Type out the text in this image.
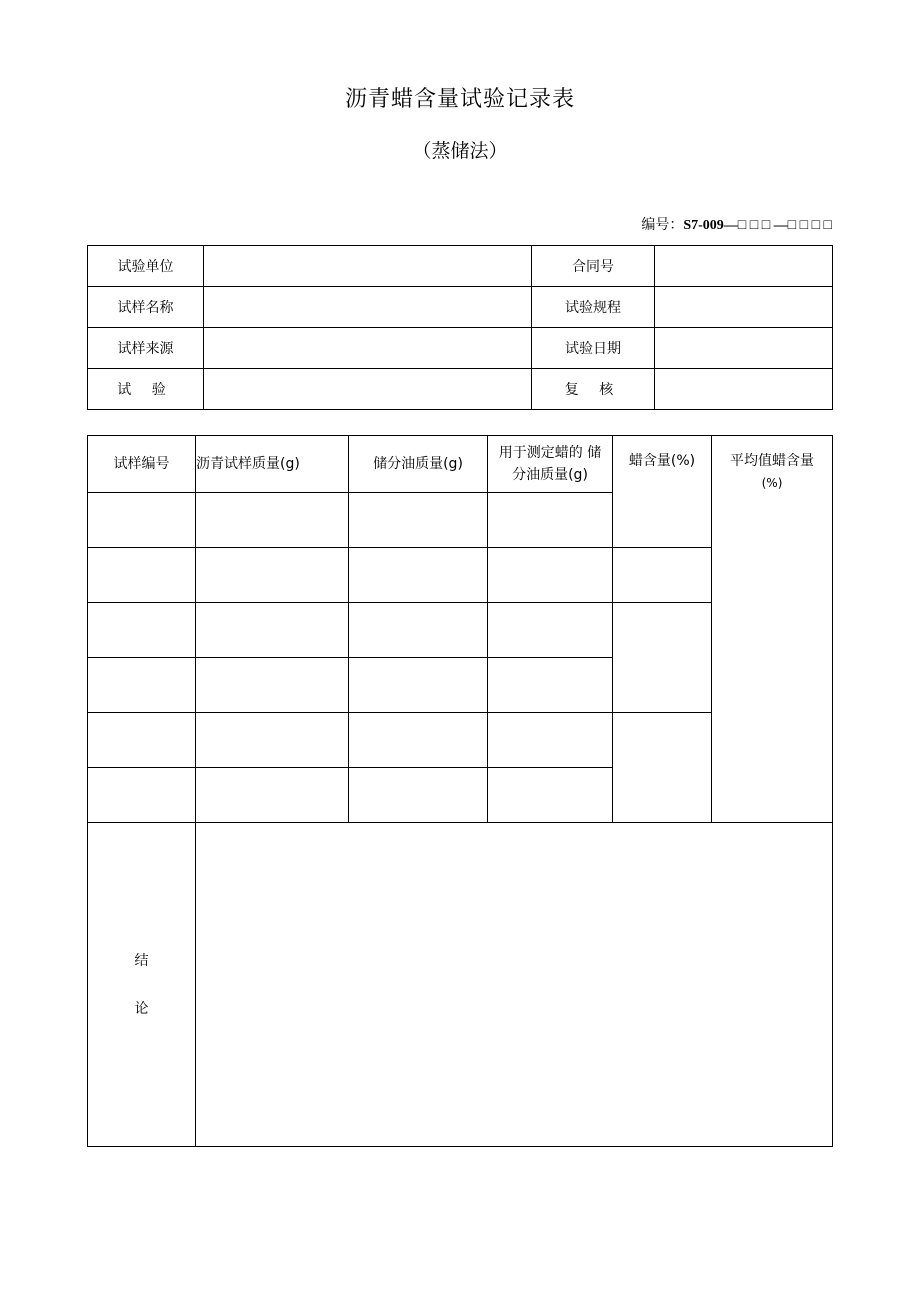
沥青蜡含量试验记录表
（蒸储法）
编号：S7-009—□ □ □ —□ □ □ □
试验单位		合同号	
试样名称		试验规程	
试样来源		试验日期	
试 验		复 核	
试样编号	沥青试样质量(g)	储分油质量(g)	用于测定蜡的 储
分油质量(g)	蜡含量(%)	平均值蜡含量
(%)

结
论					
